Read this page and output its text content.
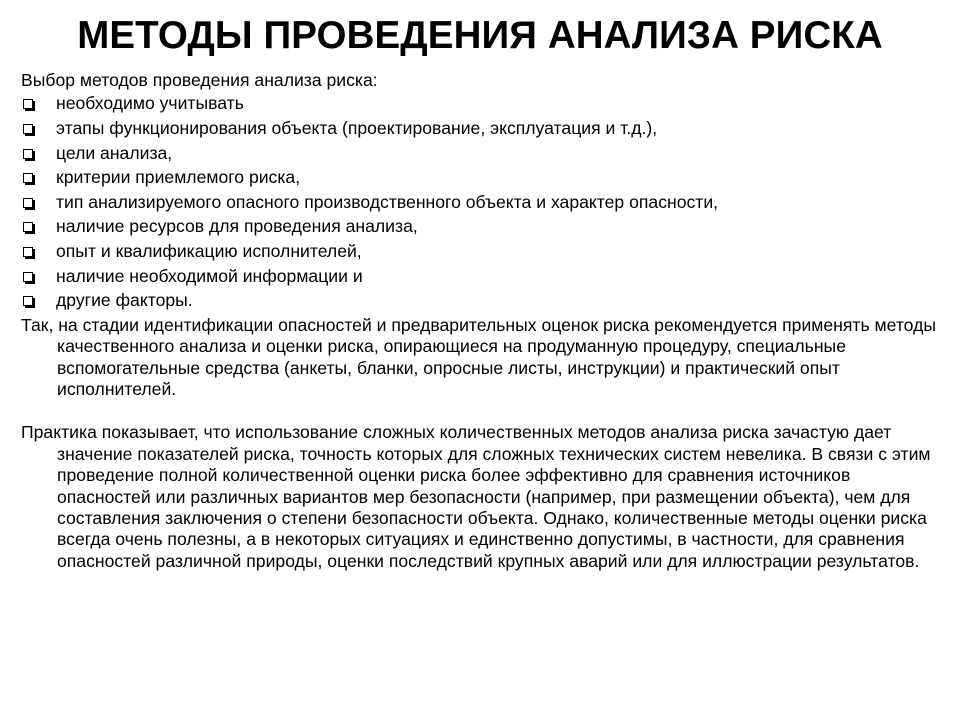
МЕТОДЫ ПРОВЕДЕНИЯ АНАЛИЗА РИСКА

Выбор методов проведения анализа риска:

необходимо учитывать
этапы функционирования объекта (проектирование, эксплуатация и т.д.),
цели анализа,
критерии приемлемого риска,
тип анализируемого опасного производственного объекта и характер опасности,
наличие ресурсов для проведения анализа,
опыт и квалификацию исполнителей,
наличие необходимой информации и
другие факторы.

Так, на стадии идентификации опасностей и предварительных оценок риска рекомендуется применять методы качественного анализа и оценки риска, опирающиеся на продуманную процедуру, специальные вспомогательные средства (анкеты, бланки, опросные листы, инструкции) и практический опыт исполнителей.

Практика показывает, что использование сложных количественных методов анализа риска зачастую дает значение показателей риска, точность которых для сложных технических систем невелика. В связи с этим проведение полной количественной оценки риска более эффективно для сравнения источников опасностей или различных вариантов мер безопасности (например, при размещении объекта), чем для составления заключения о степени безопасности объекта. Однако, количественные методы оценки риска всегда очень полезны, а в некоторых ситуациях и единственно допустимы, в частности, для сравнения опасностей различной природы, оценки последствий крупных аварий или для иллюстрации результатов.
